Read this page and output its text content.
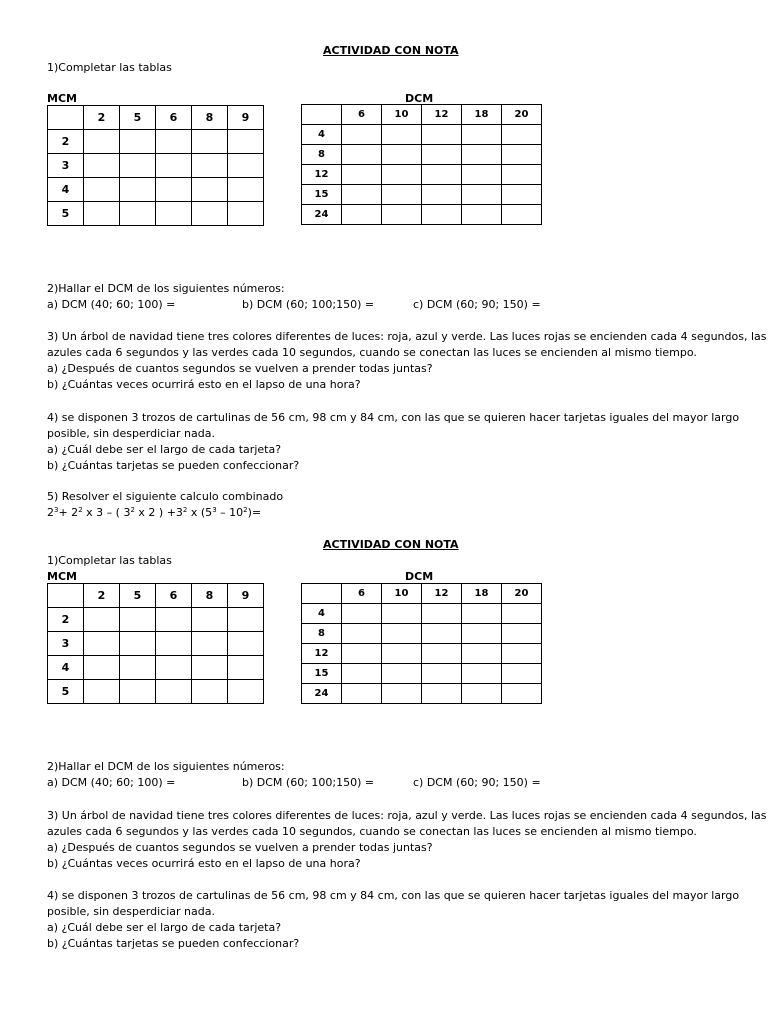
ACTIVIDAD CON NOTA
1)Completar las tablas
MCM	DCM
	2	5	6	8	9
2					
3					
4					
5					
	6	10	12	18	20
4					
8					
12					
15					
24					
2)Hallar el DCM de los siguientes números:
a) DCM (40; 60; 100) =	b) DCM (60; 100;150) =	c) DCM (60; 90; 150) =
3) Un árbol de navidad tiene tres colores diferentes de luces: roja, azul y verde. Las luces rojas se encienden cada 4 segundos, las
azules cada 6 segundos y las verdes cada 10 segundos, cuando se conectan las luces se encienden al mismo tiempo.
a) ¿Después de cuantos segundos se vuelven a prender todas juntas?
b) ¿Cuántas veces ocurrirá esto en el lapso de una hora?
4) se disponen 3 trozos de cartulinas de 56 cm, 98 cm y 84 cm, con las que se quieren hacer tarjetas iguales del mayor largo
posible, sin desperdiciar nada.
a) ¿Cuál debe ser el largo de cada tarjeta?
b) ¿Cuántas tarjetas se pueden confeccionar?
5) Resolver el siguiente calculo combinado
$2^3+ 2^2$ x 3 – ( $3^2$ x 2 ) $+3^2$ x $(5^3 - 10^2)=$
ACTIVIDAD CON NOTA
1)Completar las tablas
MCM	DCM
	2	5	6	8	9
2					
3					
4					
5					
	6	10	12	18	20
4					
8					
12					
15					
24					
2)Hallar el DCM de los siguientes números:
a) DCM (40; 60; 100) =	b) DCM (60; 100;150) =	c) DCM (60; 90; 150) =
3) Un árbol de navidad tiene tres colores diferentes de luces: roja, azul y verde. Las luces rojas se encienden cada 4 segundos, las
azules cada 6 segundos y las verdes cada 10 segundos, cuando se conectan las luces se encienden al mismo tiempo.
a) ¿Después de cuantos segundos se vuelven a prender todas juntas?
b) ¿Cuántas veces ocurrirá esto en el lapso de una hora?
4) se disponen 3 trozos de cartulinas de 56 cm, 98 cm y 84 cm, con las que se quieren hacer tarjetas iguales del mayor largo
posible, sin desperdiciar nada.
a) ¿Cuál debe ser el largo de cada tarjeta?
b) ¿Cuántas tarjetas se pueden confeccionar?
